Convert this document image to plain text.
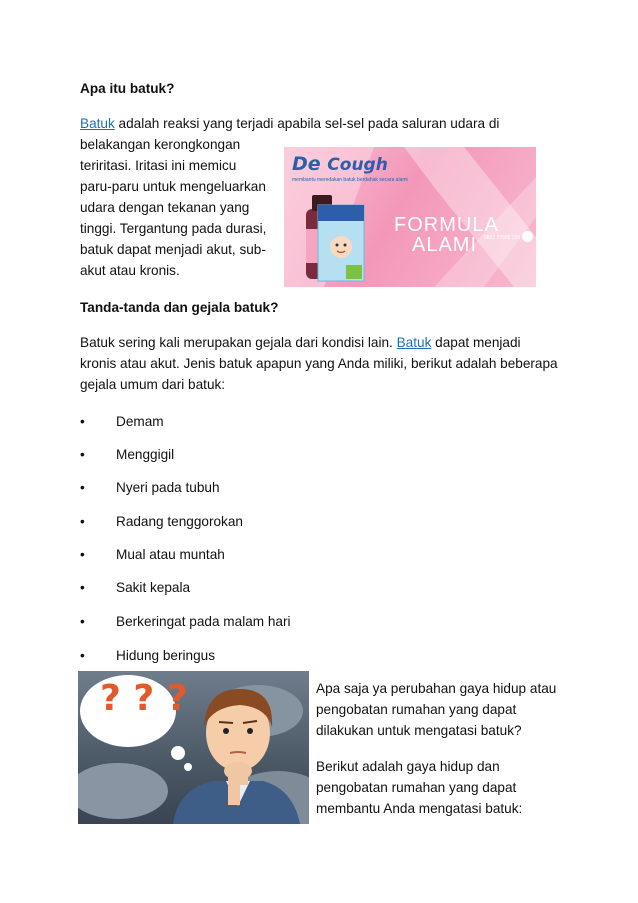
Apa itu batuk?
Batuk adalah reaksi yang terjadi apabila sel-sel pada saluran udara di
belakangan kerongkongan
teriritasi. Iritasi ini memicu
paru-paru untuk mengeluarkan
udara dengan tekanan yang
tinggi. Tergantung pada durasi,
batuk dapat menjadi akut, sub-
akut atau kronis.
De Cough
membantu meredakan batuk berdahak secara alami
FORMULA
ALAMI 0822 77555 333
Tanda-tanda dan gejala batuk?
Batuk sering kali merupakan gejala dari kondisi lain. Batuk dapat menjadi
kronis atau akut. Jenis batuk apapun yang Anda miliki, berikut adalah beberapa
gejala umum dari batuk:
•	Demam
•	Menggigil
•	Nyeri pada tubuh
•	Radang tenggorokan
•	Mual atau muntah
•	Sakit kepala
•	Berkeringat pada malam hari
•	Hidung beringus
? ? ?	Apa saja ya perubahan gaya hidup atau
pengobatan rumahan yang dapat
dilakukan untuk mengatasi batuk?
Berikut adalah gaya hidup dan
pengobatan rumahan yang dapat
membantu Anda mengatasi batuk:
